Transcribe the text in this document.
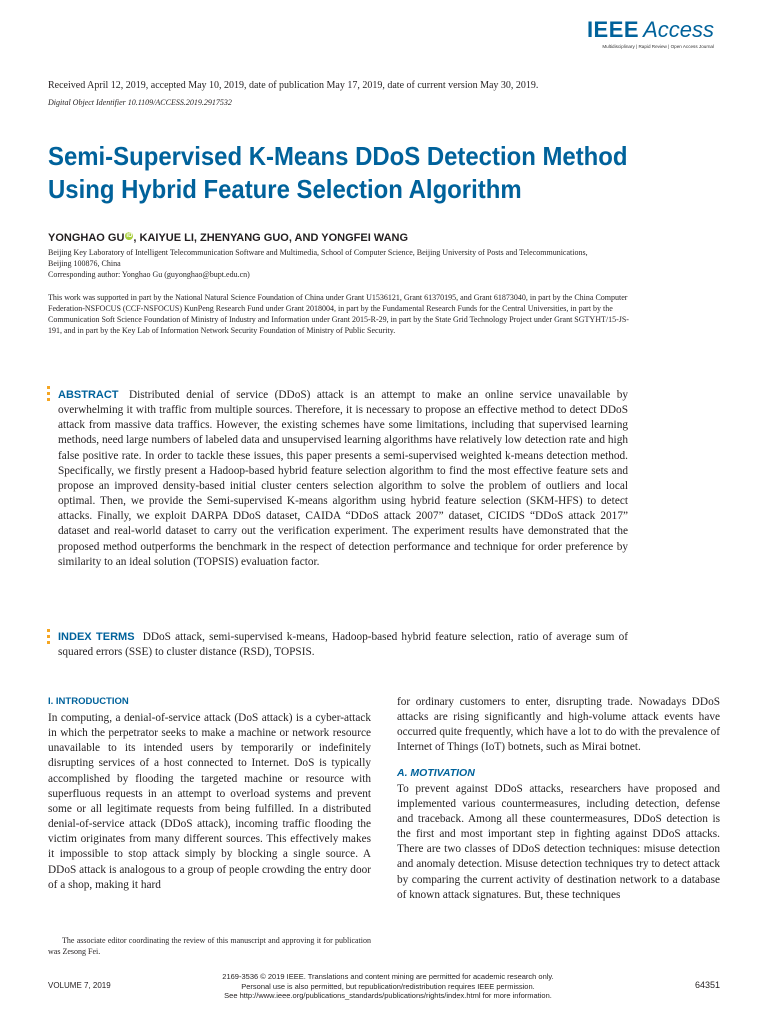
IEEE Access
Multidisciplinary | Rapid Review | Open Access Journal
Received April 12, 2019, accepted May 10, 2019, date of publication May 17, 2019, date of current version May 30, 2019.
Digital Object Identifier 10.1109/ACCESS.2019.2917532
Semi-Supervised K-Means DDoS Detection Method
Using Hybrid Feature Selection Algorithm
YONGHAO GU iD, KAIYUE LI, ZHENYANG GUO, AND YONGFEI WANG
Beijing Key Laboratory of Intelligent Telecommunication Software and Multimedia, School of Computer Science, Beijing University of Posts and Telecommunications, Beijing 100876, China
Corresponding author: Yonghao Gu (guyonghao@bupt.edu.cn)
This work was supported in part by the National Natural Science Foundation of China under Grant U1536121, Grant 61370195, and Grant 61873040, in part by the China Computer Federation-NSFOCUS (CCF-NSFOCUS) KunPeng Research Fund under Grant 2018004, in part by the Fundamental Research Funds for the Central Universities, in part by the Communication Soft Science Foundation of Ministry of Industry and Information under Grant 2015-R-29, in part by the State Grid Technology Project under Grant SGTYHT/15-JS-191, and in part by the Key Lab of Information Network Security Foundation of Ministry of Public Security.
ABSTRACT Distributed denial of service (DDoS) attack is an attempt to make an online service unavailable by overwhelming it with traffic from multiple sources. Therefore, it is necessary to propose an effective method to detect DDoS attack from massive data traffics. However, the existing schemes have some limitations, including that supervised learning methods, need large numbers of labeled data and unsupervised learning algorithms have relatively low detection rate and high false positive rate. In order to tackle these issues, this paper presents a semi-supervised weighted k-means detection method. Specifically, we firstly present a Hadoop-based hybrid feature selection algorithm to find the most effective feature sets and propose an improved density-based initial cluster centers selection algorithm to solve the problem of outliers and local optimal. Then, we provide the Semi-supervised K-means algorithm using hybrid feature selection (SKM-HFS) to detect attacks. Finally, we exploit DARPA DDoS dataset, CAIDA “DDoS attack 2007” dataset, CICIDS “DDoS attack 2017” dataset and real-world dataset to carry out the verification experiment. The experiment results have demonstrated that the proposed method outperforms the benchmark in the respect of detection performance and technique for order preference by similarity to an ideal solution (TOPSIS) evaluation factor.
INDEX TERMS DDoS attack, semi-supervised k-means, Hadoop-based hybrid feature selection, ratio of average sum of squared errors (SSE) to cluster distance (RSD), TOPSIS.
I. INTRODUCTION

In computing, a denial-of-service attack (DoS attack) is a cyber-attack in which the perpetrator seeks to make a machine or network resource unavailable to its intended users by temporarily or indefinitely disrupting services of a host connected to Internet. DoS is typically accomplished by flooding the targeted machine or resource with superfluous requests in an attempt to overload systems and prevent some or all legitimate requests from being fulfilled. In a distributed denial-of-service attack (DDoS attack), incoming traffic flooding the victim originates from many different sources. This effectively makes it impossible to stop attack simply by blocking a single source. A DDoS attack is analogous to a group of people crowding the entry door of a shop, making it hard

for ordinary customers to enter, disrupting trade. Nowadays DDoS attacks are rising significantly and high-volume attack events have occurred quite frequently, which have a lot to do with the prevalence of Internet of Things (IoT) botnets, such as Mirai botnet.

A. MOTIVATION

To prevent against DDoS attacks, researchers have proposed and implemented various countermeasures, including detection, defense and traceback. Among all these countermeasures, DDoS detection is the first and most important step in fighting against DDoS attacks. There are two classes of DDoS detection techniques: misuse detection and anomaly detection. Misuse detection techniques try to detect attack by comparing the current activity of destination network to a database of known attack signatures. But, these techniques

The associate editor coordinating the review of this manuscript and approving it for publication was Zesong Fei.
VOLUME 7, 2019
2169-3536 © 2019 IEEE. Translations and content mining are permitted for academic research only.
Personal use is also permitted, but republication/redistribution requires IEEE permission.
See http://www.ieee.org/publications_standards/publications/rights/index.html for more information.
64351
